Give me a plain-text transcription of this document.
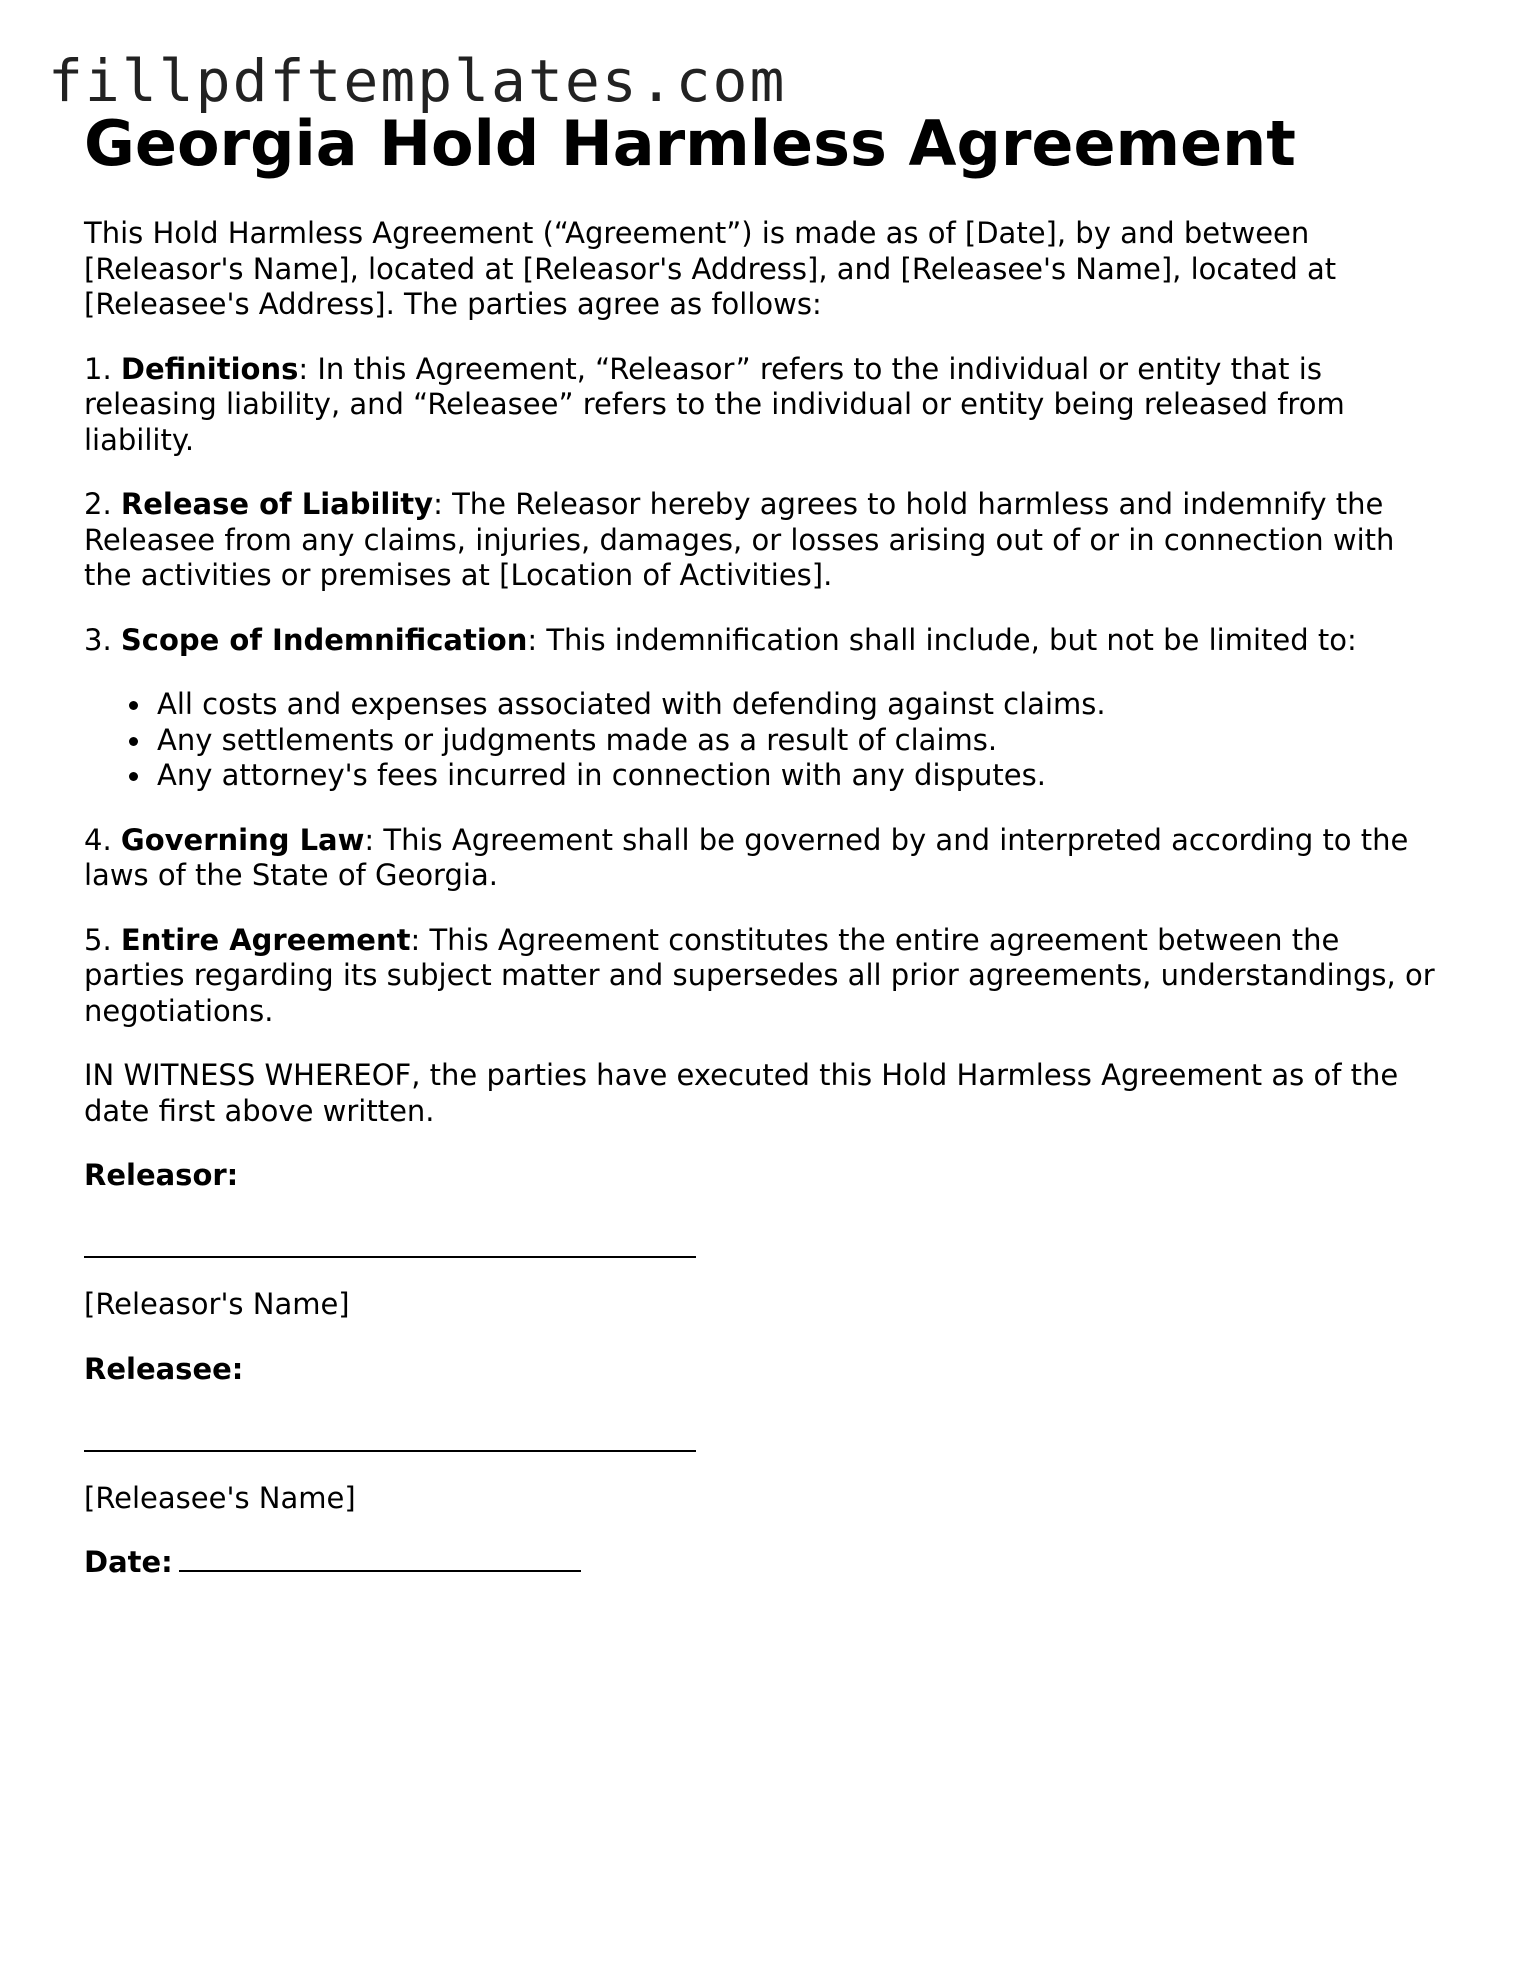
fillpdftemplates.com
Georgia Hold Harmless Agreement

This Hold Harmless Agreement (“Agreement”) is made as of [Date], by and between [Releasor's Name], located at [Releasor's Address], and [Releasee's Name], located at [Releasee's Address]. The parties agree as follows:

1. Definitions: In this Agreement, “Releasor” refers to the individual or entity that is releasing liability, and “Releasee” refers to the individual or entity being released from liability.

2. Release of Liability: The Releasor hereby agrees to hold harmless and indemnify the Releasee from any claims, injuries, damages, or losses arising out of or in connection with the activities or premises at [Location of Activities].

3. Scope of Indemnification: This indemnification shall include, but not be limited to:

All costs and expenses associated with defending against claims.
Any settlements or judgments made as a result of claims.
Any attorney's fees incurred in connection with any disputes.

4. Governing Law: This Agreement shall be governed by and interpreted according to the laws of the State of Georgia.

5. Entire Agreement: This Agreement constitutes the entire agreement between the parties regarding its subject matter and supersedes all prior agreements, understandings, or negotiations.

IN WITNESS WHEREOF, the parties have executed this Hold Harmless Agreement as of the date first above written.

Releasor:

[Releasor's Name]

Releasee:

[Releasee's Name]

Date:
